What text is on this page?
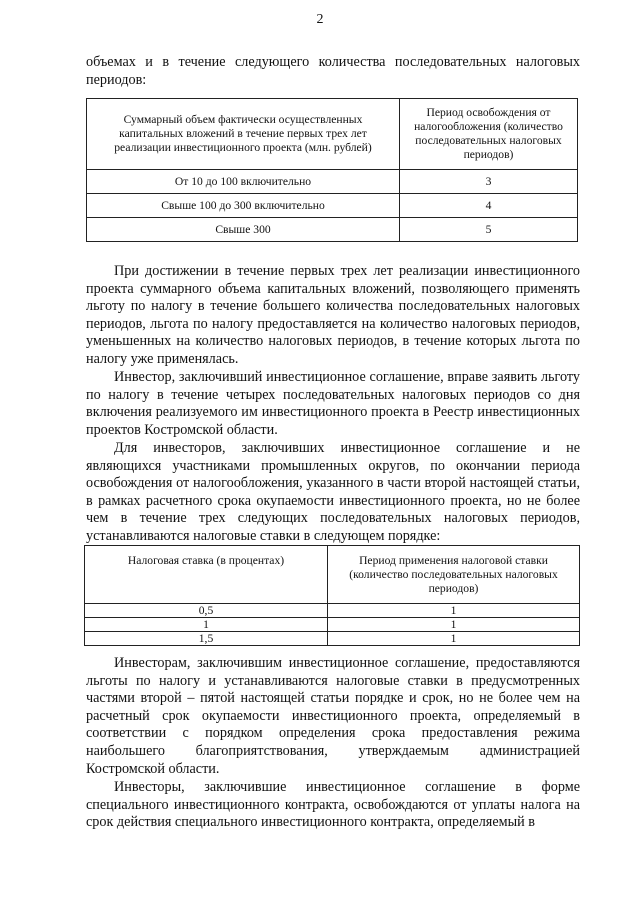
2

объемах и в течение следующего количества последовательных налоговых периодов:

Суммарный объем фактически осуществленных капитальных вложений в течение первых трех лет реализации инвестиционного проекта (млн. рублей)	Период освобождения от налогообложения (количество последовательных налоговых периодов)
От 10 до 100 включительно	3
Свыше 100 до 300 включительно	4
Свыше 300	5

При достижении в течение первых трех лет реализации инвестиционного проекта суммарного объема капитальных вложений, позволяющего применять льготу по налогу в течение большего количества последовательных налоговых периодов, льгота по налогу предоставляется на количество налоговых периодов, уменьшенных на количество налоговых периодов, в течение которых льгота по налогу уже применялась.

Инвестор, заключивший инвестиционное соглашение, вправе заявить льготу по налогу в течение четырех последовательных налоговых периодов со дня включения реализуемого им инвестиционного проекта в Реестр инвестиционных проектов Костромской области.

Для инвесторов, заключивших инвестиционное соглашение и не являющихся участниками промышленных округов, по окончании периода освобождения от налогообложения, указанного в части второй настоящей статьи, в рамках расчетного срока окупаемости инвестиционного проекта, но не более чем в течение трех следующих последовательных налоговых периодов, устанавливаются налоговые ставки в следующем порядке:

Налоговая ставка (в процентах)	Период применения налоговой ставки (количество последовательных налоговых периодов)
0,5	1
1	1
1,5	1

Инвесторам, заключившим инвестиционное соглашение, предоставляются льготы по налогу и устанавливаются налоговые ставки в предусмотренных частями второй – пятой настоящей статьи порядке и срок, но не более чем на расчетный срок окупаемости инвестиционного проекта, определяемый в соответствии с порядком определения срока предоставления режима наибольшего благоприятствования, утверждаемым администрацией Костромской области.

Инвесторы, заключившие инвестиционное соглашение в форме специального инвестиционного контракта, освобождаются от уплаты налога на срок действия специального инвестиционного контракта, определяемый в
